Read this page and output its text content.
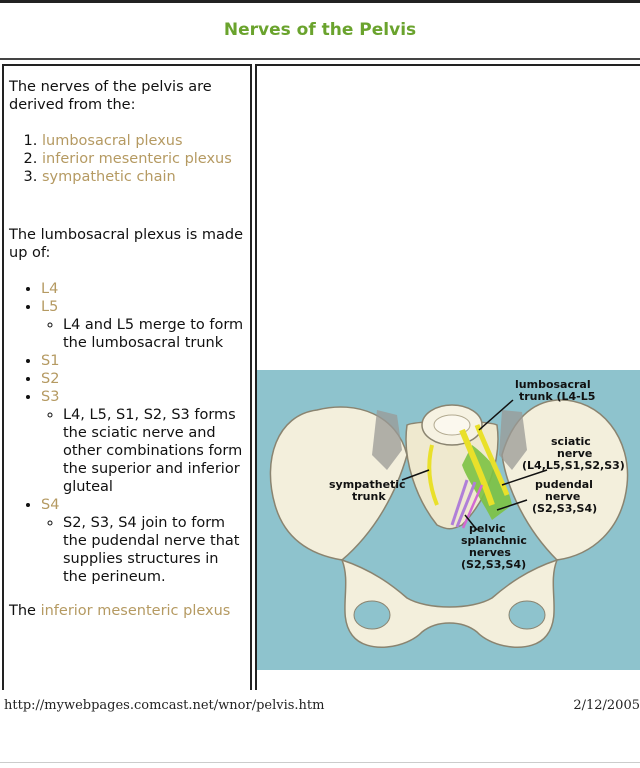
Nerves of the Pelvis

The nerves of the pelvis are derived from the:

1. lumbosacral plexus
2. inferior mesenteric plexus
3. sympathetic chain

The lumbosacral plexus is made up of:

• L4
• L5
◦ L4 and L5 merge to form the lumbosacral trunk
• S1
• S2
• S3
◦ L4, L5, S1, S2, S3 forms the sciatic nerve and other combinations form the superior and inferior gluteal
• S4
◦ S2, S3, S4 join to form the pudendal nerve that supplies structures in the perineum.

The inferior mesenteric plexus

lumbosacral
trunk (L4-L5
sciatic
nerve
(L4,L5,S1,S2,S3)
pudendal
nerve
(S2,S3,S4)
sympathetic
trunk
pelvic
splanchnic
nerves
(S2,S3,S4)
http://mywebpages.comcast.net/wnor/pelvis.htm	2/12/2005
